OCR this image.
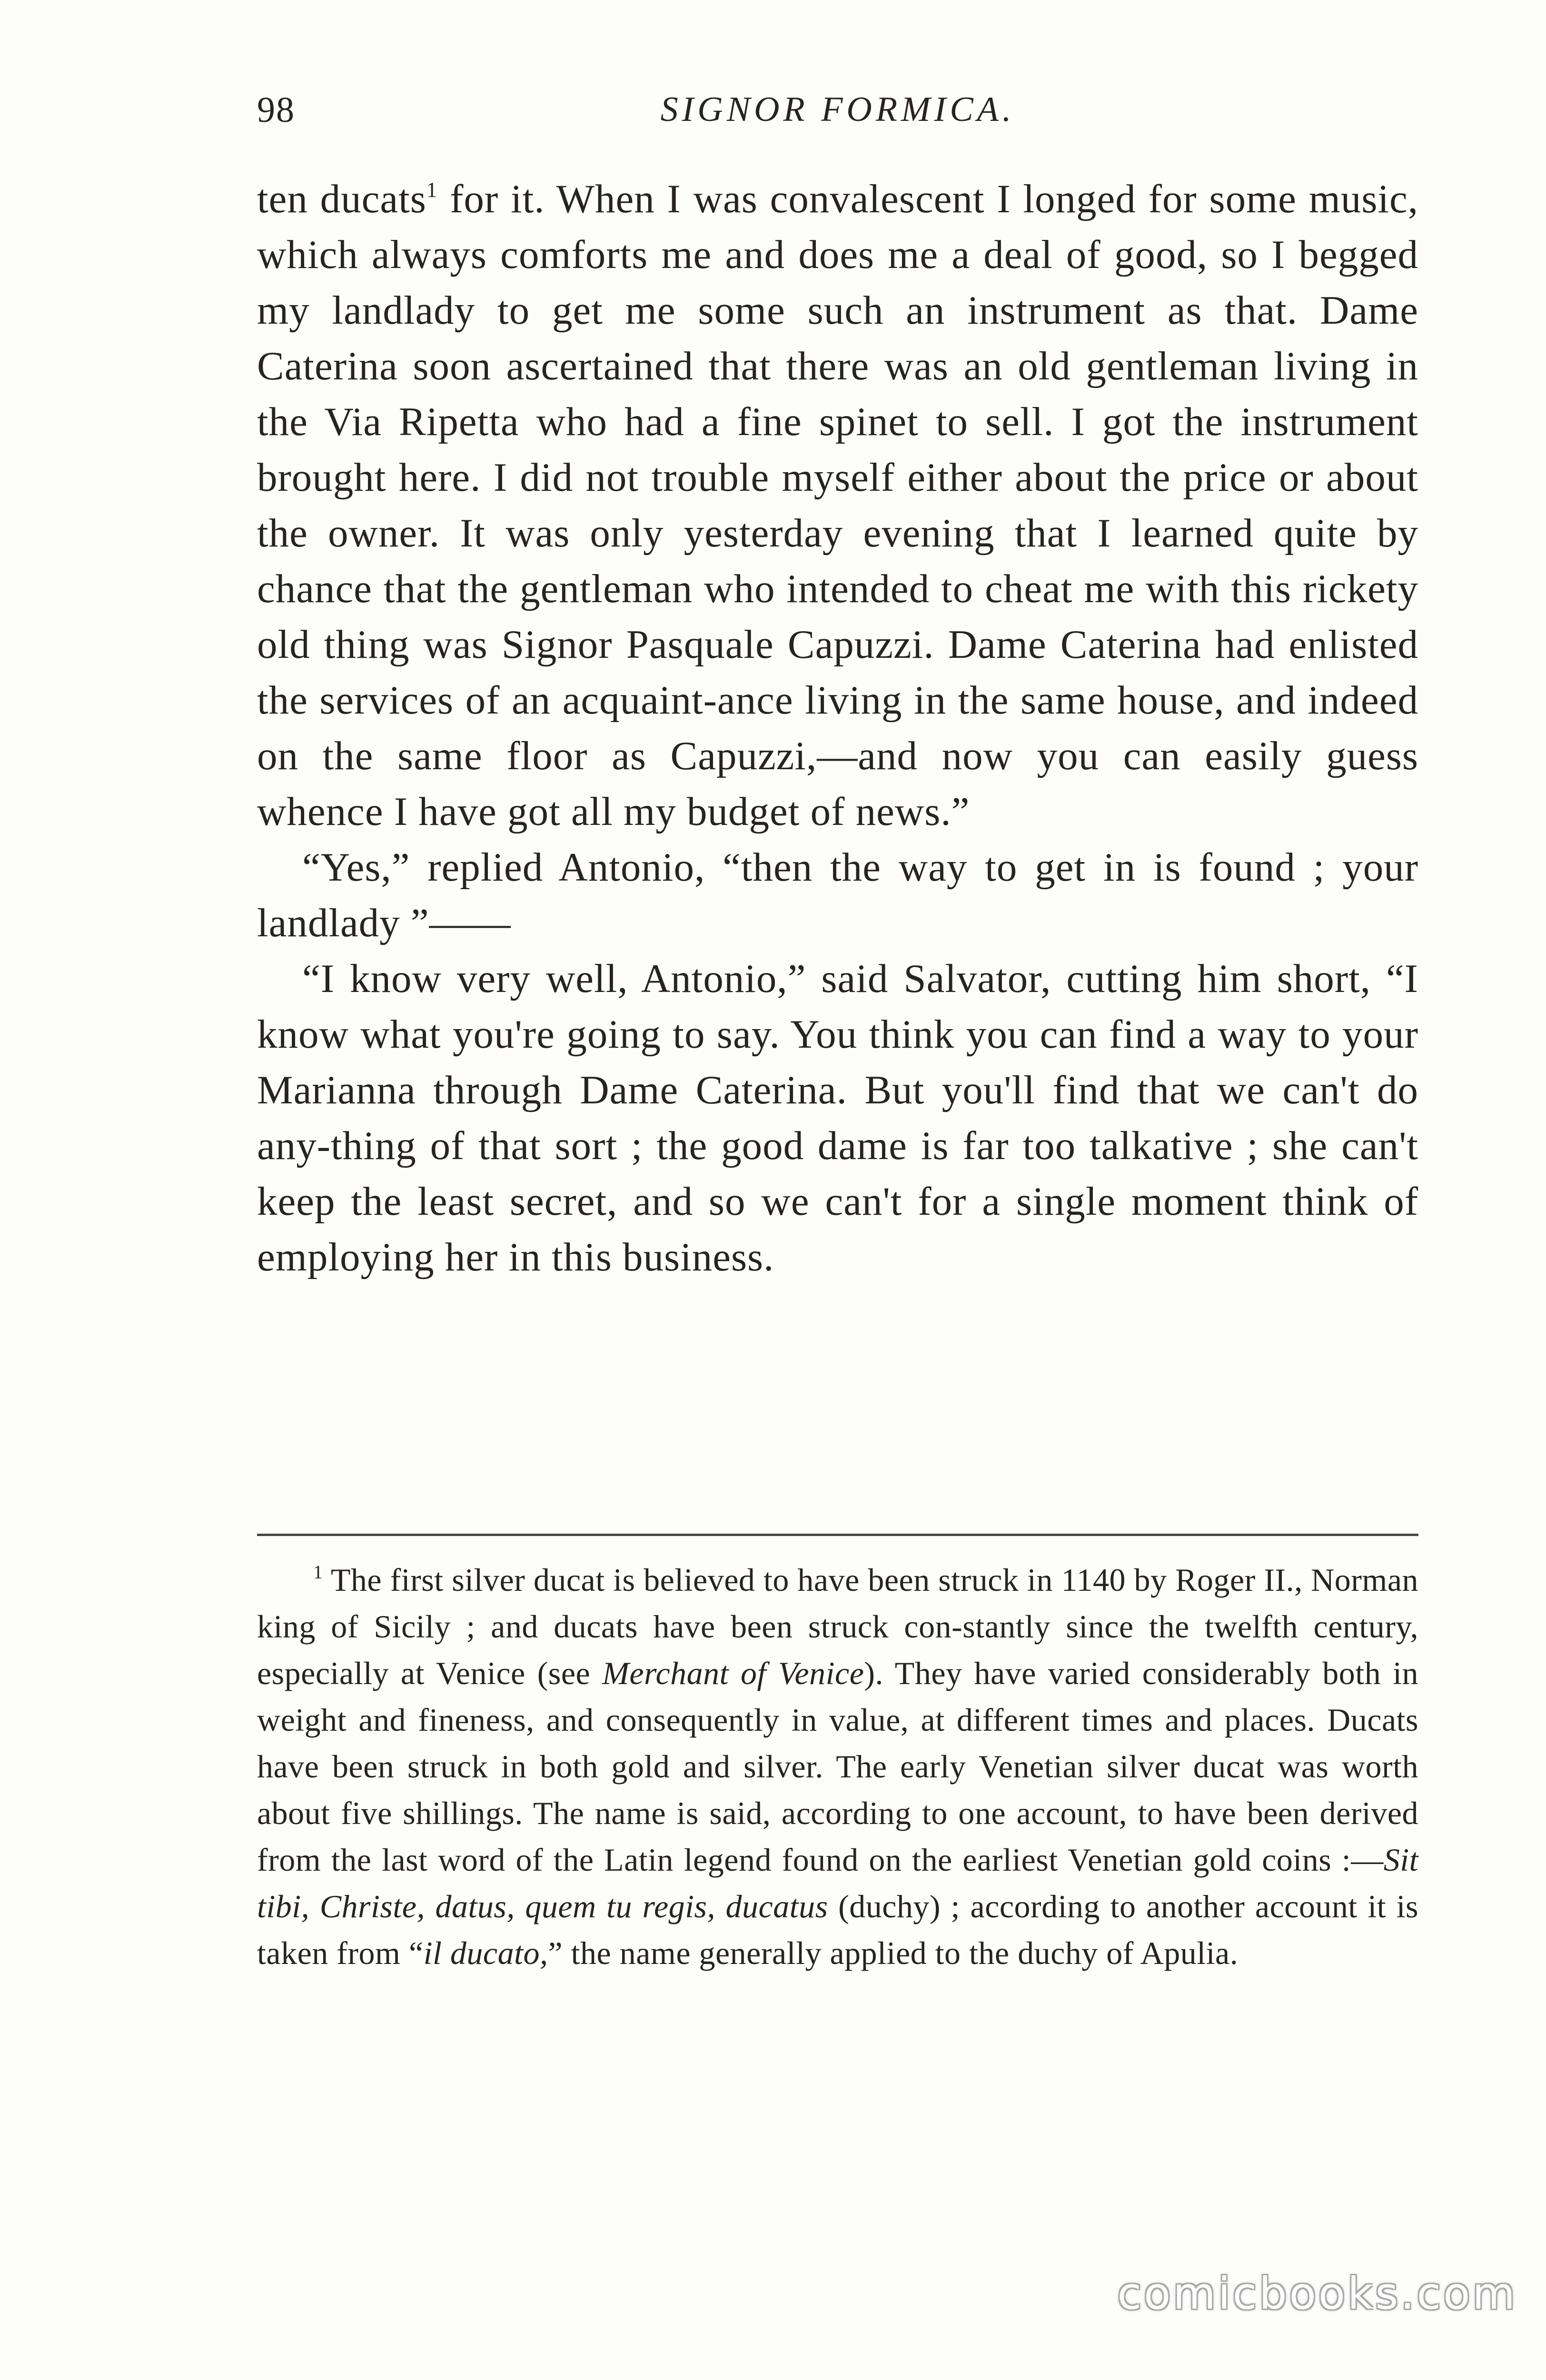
98	SIGNOR FORMICA.

ten ducats$^1$ for it. When I was convalescent I longed for some music, which always comforts me and does me a deal of good, so I begged my landlady to get me some such an instrument as that. Dame Caterina soon ascertained that there was an old gentleman living in the Via Ripetta who had a fine spinet to sell. I got the instrument brought here. I did not trouble myself either about the price or about the owner. It was only yesterday evening that I learned quite by chance that the gentleman who intended to cheat me with this rickety old thing was Signor Pasquale Capuzzi. Dame Caterina had enlisted the services of an acquaint-ance living in the same house, and indeed on the same floor as Capuzzi,—and now you can easily guess whence I have got all my budget of news.”

“Yes,” replied Antonio, “then the way to get in is found ; your landlady ”——

“I know very well, Antonio,” said Salvator, cutting him short, “I know what you're going to say. You think you can find a way to your Marianna through Dame Caterina. But you'll find that we can't do any-thing of that sort ; the good dame is far too talkative ; she can't keep the least secret, and so we can't for a single moment think of employing her in this business.

$^1$ The first silver ducat is believed to have been struck in 1140 by Roger II., Norman king of Sicily ; and ducats have been struck con-stantly since the twelfth century, especially at Venice (see Merchant of Venice). They have varied considerably both in weight and fineness, and consequently in value, at different times and places. Ducats have been struck in both gold and silver. The early Venetian silver ducat was worth about five shillings. The name is said, according to one account, to have been derived from the last word of the Latin legend found on the earliest Venetian gold coins :—Sit tibi, Christe, datus, quem tu regis, ducatus (duchy) ; according to another account it is taken from “il ducato,” the name generally applied to the duchy of Apulia.

comicbooks.com
